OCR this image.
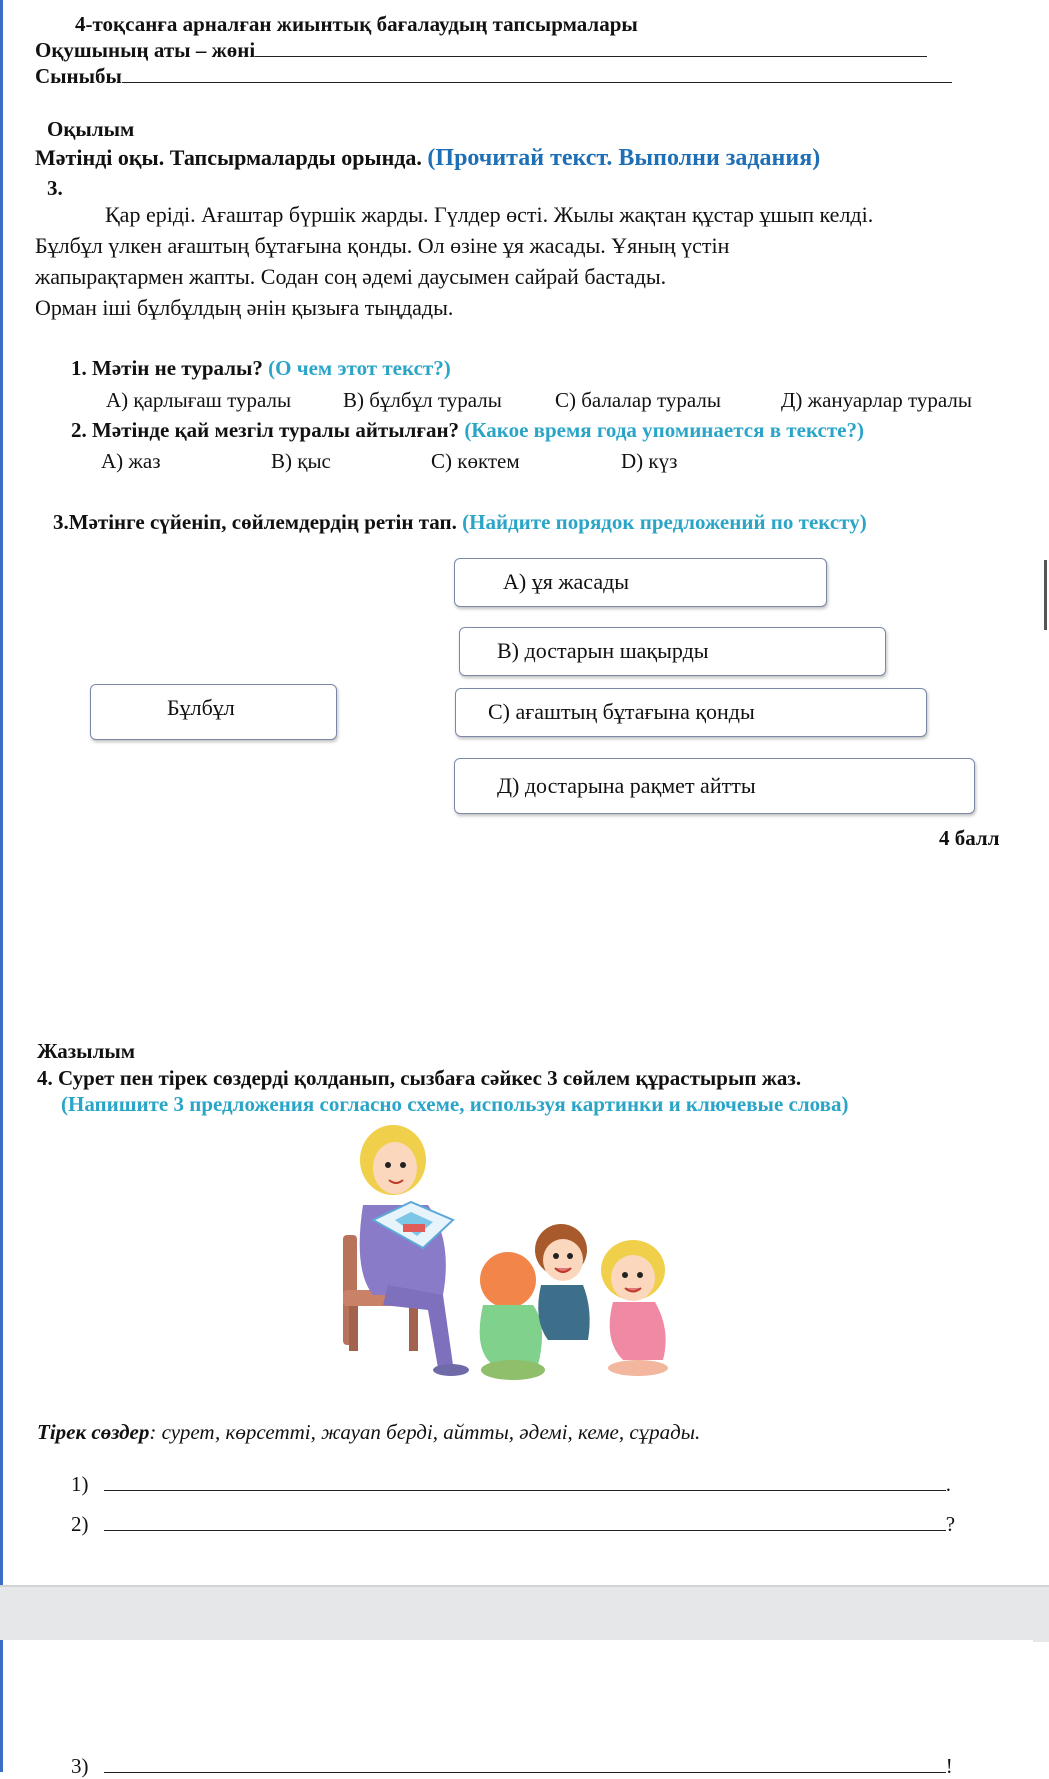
4-тоқсанға арналған жиынтық бағалаудың тапсырмалары
Оқушының аты – жөні
Сыныбы
Оқылым
Мәтінді оқы. Тапсырмаларды орында. (Прочитай текст. Выполни задания)
3.
Қар еріді. Ағаштар бүршік жарды. Гүлдер өсті. Жылы жақтан құстар ұшып келді.
Бұлбұл үлкен ағаштың бұтағына қонды. Ол өзіне ұя жасады. Ұяның үстін
жапырақтармен жапты. Содан соң әдемі даусымен сайрай бастады.
Орман іші бұлбұлдың әнін қызыға тыңдады.
1. Мәтін не туралы? (О чем этот текст?)
А) қарлығаш туралы В) бұлбұл туралы	С) балалар туралы	Д) жануарлар туралы
2. Мәтінде қай мезгіл туралы айтылған? (Какое время года упоминается в тексте?)
А) жаз	В) қыс	С) көктем	D) күз
3.Мәтінге сүйеніп, сөйлемдердің ретін тап. (Найдите порядок предложений по тексту)
А) ұя жасады
В) достарын шақырды
Бұлбұл	С) ағаштың бұтағына қонды
Д) достарына рақмет айтты
4 балл
Жазылым
4. Сурет пен тірек сөздерді қолданып, сызбаға сәйкес 3 сөйлем құрастырып жаз.
(Напишите 3 предложения согласно схеме, используя картинки и ключевые слова)
Тірек сөздер: сурет, көрсетті, жауап берді, айтты, әдемі, кеме, сұрады.
1)	.
2)	?
3)	!
